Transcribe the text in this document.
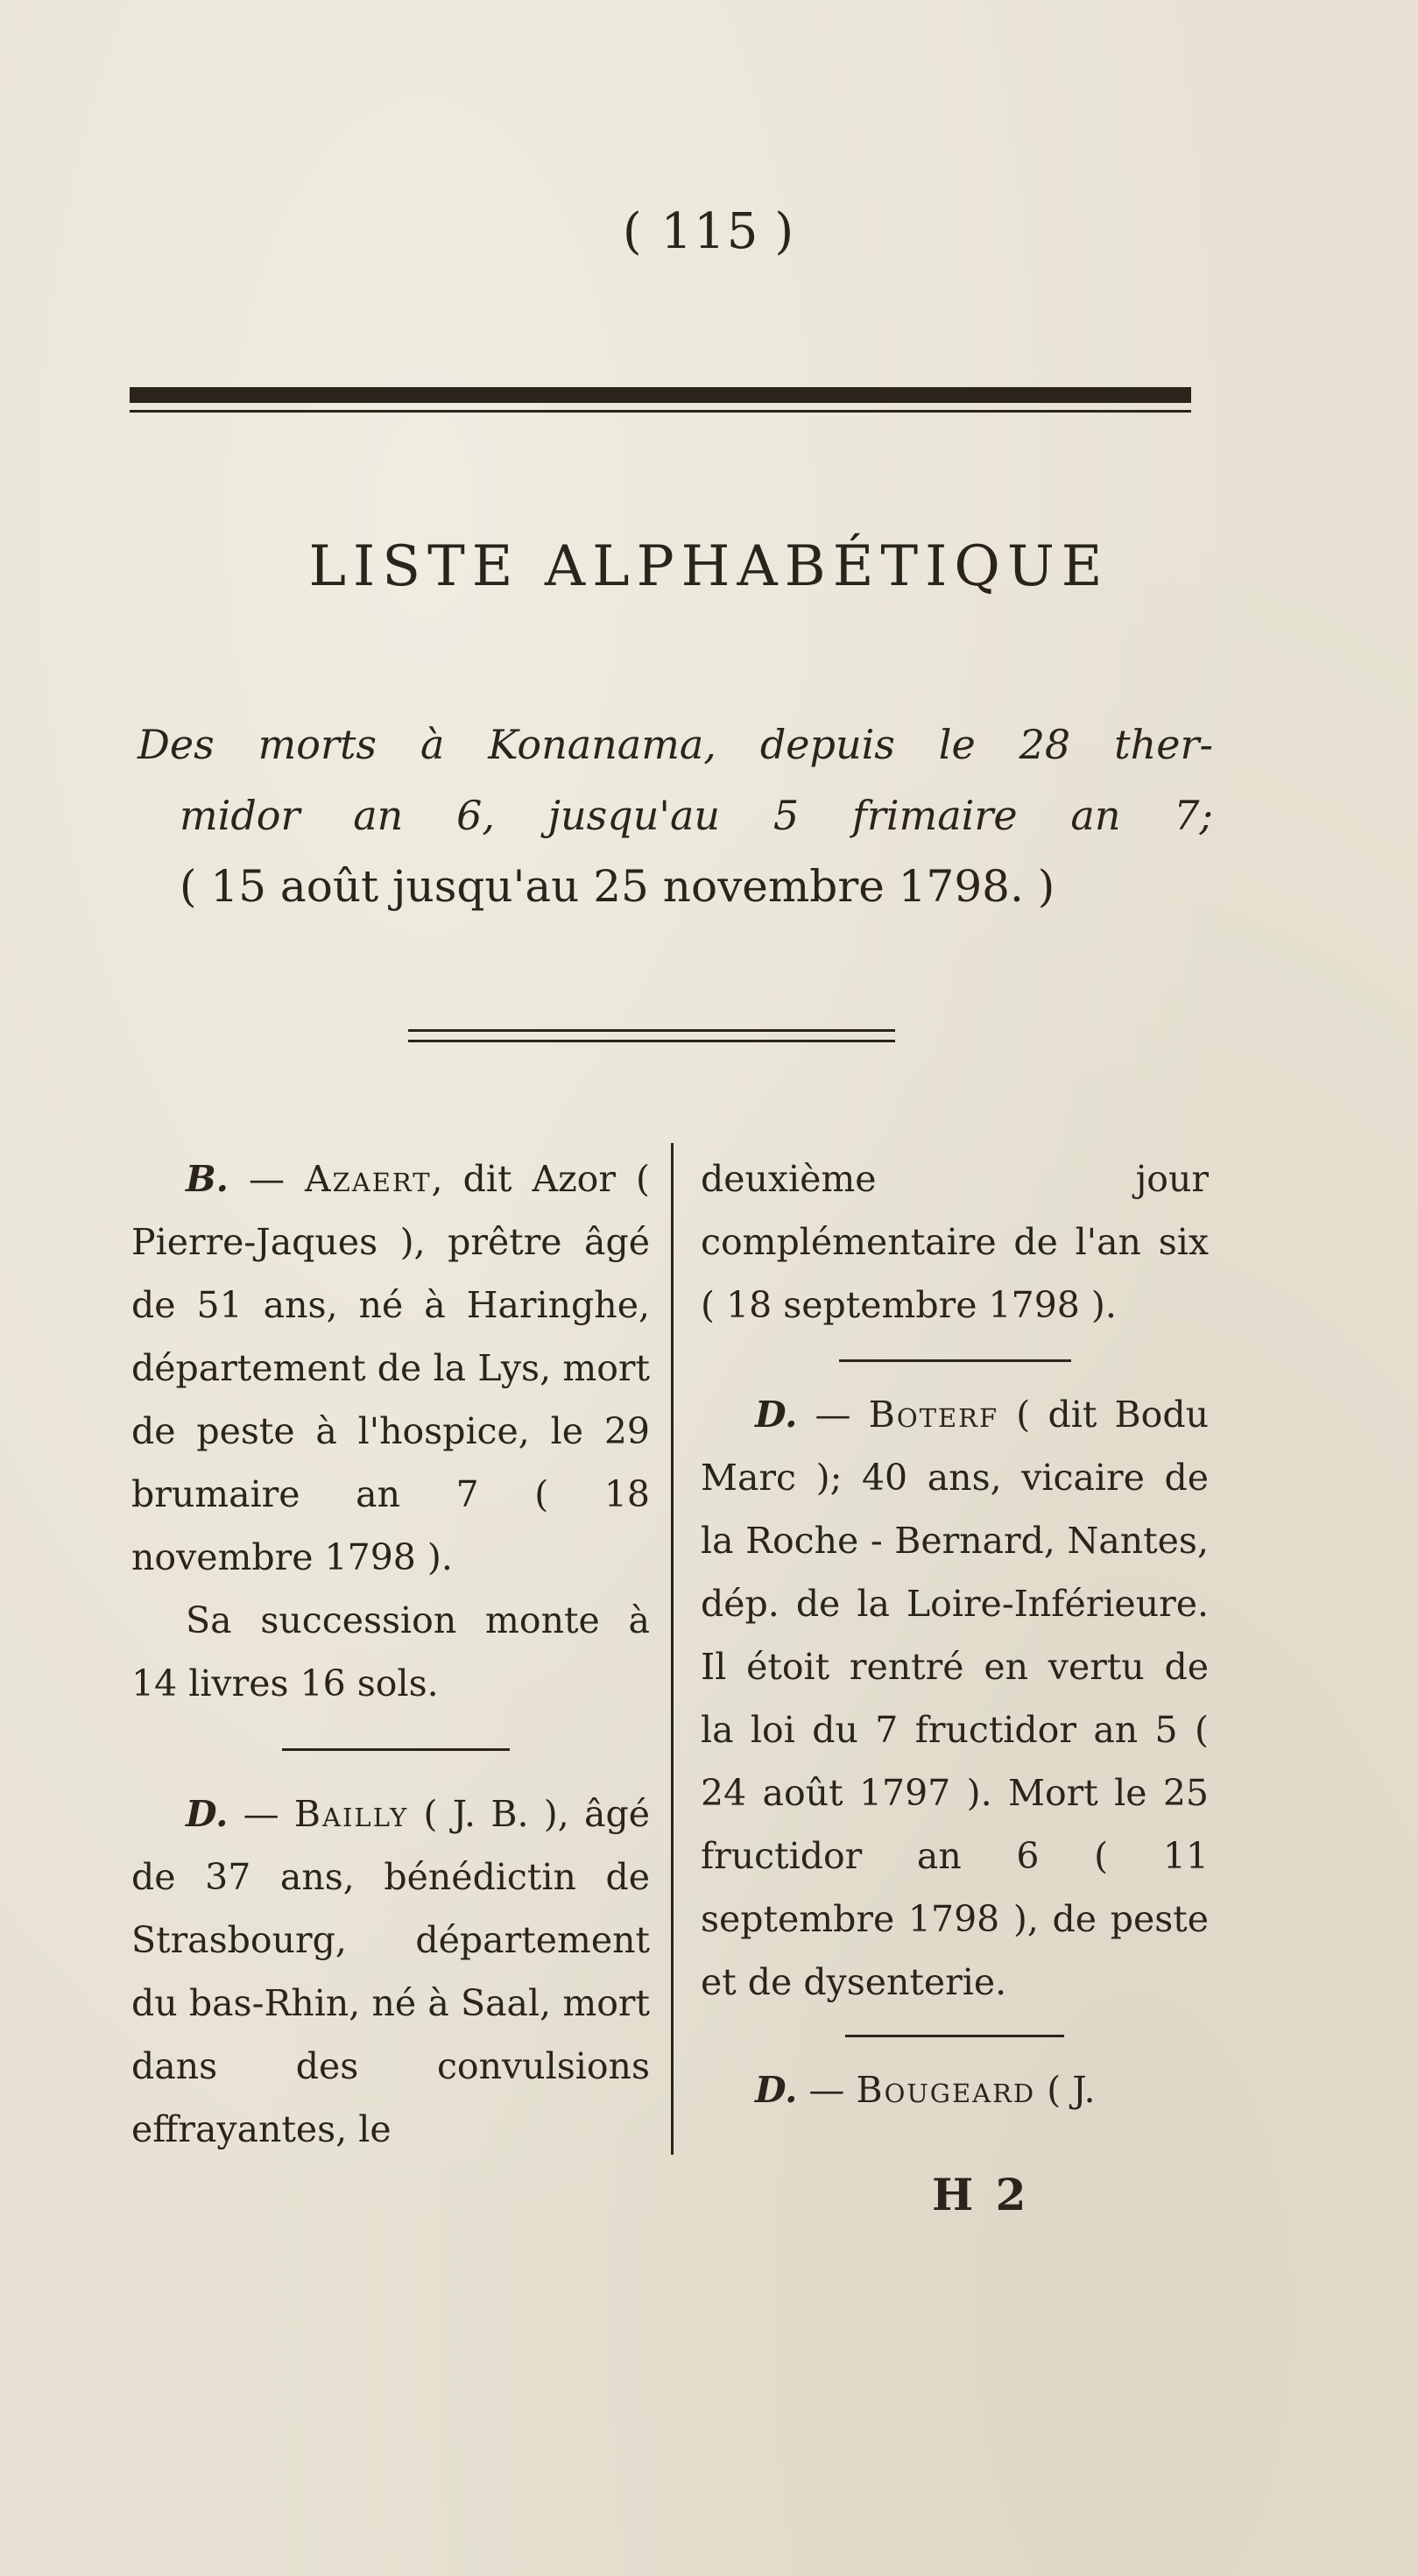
( 115 )
LISTE ALPHABÉTIQUE
Des morts à Konanama, depuis le 28 ther-
midor an 6, jusqu'au 5 frimaire an 7;
( 15 août jusqu'au 25 novembre 1798. )

B. — Azaert, dit Azor ( Pierre-Jaques ), prêtre âgé de 51 ans, né à Haringhe, département de la Lys, mort de peste à l'hospice, le 29 brumaire an 7 ( 18 novembre 1798 ).

Sa succession monte à 14 livres 16 sols.

D. — Bailly ( J. B. ), âgé de 37 ans, bénédictin de Strasbourg, département du bas-Rhin, né à Saal, mort dans des convulsions effrayantes, le

deuxième jour complémentaire de l'an six ( 18 septembre 1798 ).

D. — Boterf ( dit Bodu Marc ); 40 ans, vicaire de la Roche - Bernard, Nantes, dép. de la Loire-Inférieure. Il étoit rentré en vertu de la loi du 7 fructidor an 5 ( 24 août 1797 ). Mort le 25 fructidor an 6 ( 11 septembre 1798 ), de peste et de dysenterie.

D. — Bougeard ( J.

H 2
